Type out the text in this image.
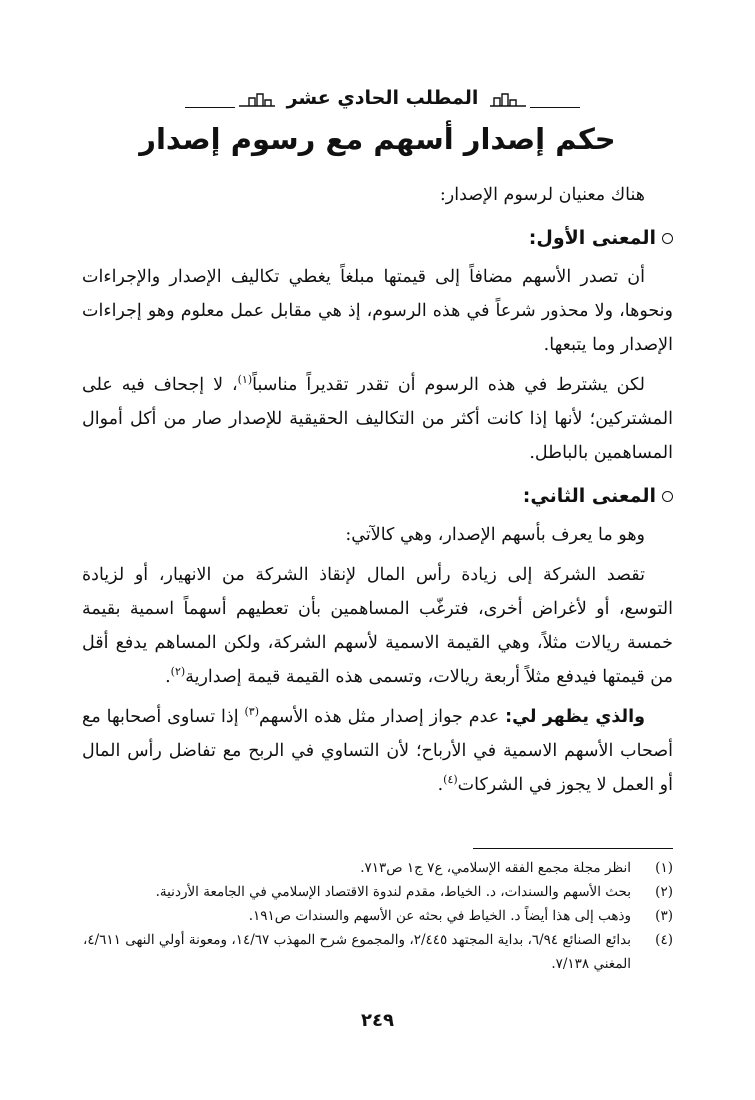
المطلب الحادي عشر
حكم إصدار أسهم مع رسوم إصدار

هناك معنيان لرسوم الإصدار:

المعنى الأول:

أن تصدر الأسهم مضافاً إلى قيمتها مبلغاً يغطي تكاليف الإصدار والإجراءات ونحوها، ولا محذور شرعاً في هذه الرسوم، إذ هي مقابل عمل معلوم وهو إجراءات الإصدار وما يتبعها.

لكن يشترط في هذه الرسوم أن تقدر تقديراً مناسباً$^{(١)}$، لا إجحاف فيه على المشتركين؛ لأنها إذا كانت أكثر من التكاليف الحقيقية للإصدار صار من أكل أموال المساهمين بالباطل.

المعنى الثاني:

وهو ما يعرف بأسهم الإصدار، وهي كالآتي:

تقصد الشركة إلى زيادة رأس المال لإنقاذ الشركة من الانهيار، أو لزيادة التوسع، أو لأغراض أخرى، فترغّب المساهمين بأن تعطيهم أسهماً اسمية بقيمة خمسة ريالات مثلاً، وهي القيمة الاسمية لأسهم الشركة، ولكن المساهم يدفع أقل من قيمتها فيدفع مثلاً أربعة ريالات، وتسمى هذه القيمة قيمة إصدارية$^{(٢)}$.

والذي يظهر لي: عدم جواز إصدار مثل هذه الأسهم$^{(٣)}$ إذا تساوى أصحابها مع أصحاب الأسهم الاسمية في الأرباح؛ لأن التساوي في الربح مع تفاضل رأس المال أو العمل لا يجوز في الشركات$^{(٤)}$.

(١)
انظر مجلة مجمع الفقه الإسلامي، ع٧ ج١ ص٧١٣.
(٢)
بحث الأسهم والسندات، د. الخياط، مقدم لندوة الاقتصاد الإسلامي في الجامعة الأردنية.
(٣)
وذهب إلى هذا أيضاً د. الخياط في بحثه عن الأسهم والسندات ص١٩١.
(٤)
بدائع الصنائع ٦/٩٤، بداية المجتهد ٢/٤٤٥، والمجموع شرح المهذب ١٤/٦٧، ومعونة أولي النهى ٤/٦١١، المغني ٧/١٣٨.
٢٤٩
